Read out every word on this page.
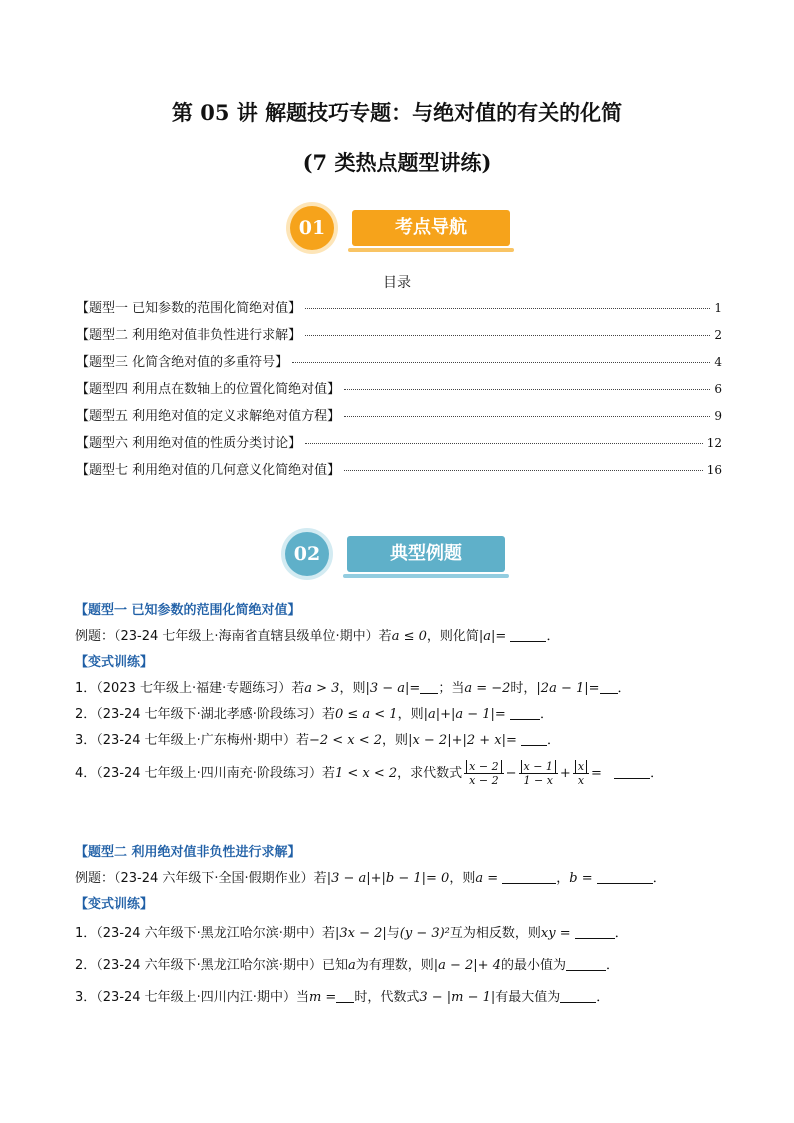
第 05 讲 解题技巧专题：与绝对值的有关的化简
(7 类热点题型讲练)
01	考点导航
目录
【题型一 已知参数的范围化简绝对值】	1
【题型二 利用绝对值非负性进行求解】	2
【题型三 化简含绝对值的多重符号】	4
【题型四 利用点在数轴上的位置化简绝对值】	6
【题型五 利用绝对值的定义求解绝对值方程】	9
【题型六 利用绝对值的性质分类讨论】	12
【题型七 利用绝对值的几何意义化简绝对值】	16
02	典型例题
【题型一 已知参数的范围化简绝对值】
例题：（23-24 七年级上·海南省直辖县级单位·期中）若a ≤ 0，则化简|a|=	．
【变式训练】
1．（2023 七年级上·福建·专题练习）若a > 3，则|3 − a|= ；当a = −2时，|2a − 1|= ．
2．（23-24 七年级下·湖北孝感·阶段练习）若0 ≤ a < 1，则|a|+|a − 1|=	．
3．（23-24 七年级上·广东梅州·期中）若−2 < x < 2，则|x − 2|+|2 + x|= ．
4．（23-24 七年级上·四川南充·阶段练习）若1 < x < 2，求代数式 $\frac{x - 2}{x - 2} - \frac{x - 1}{1 - x} + \frac{x}{x}$ =	．
【题型二 利用绝对值非负性进行求解】
例题：（23-24 六年级下·全国·假期作业）若|3 − a|+|b − 1|= 0，则a =	，b =	．
【变式训练】
1．（23-24 六年级下·黑龙江哈尔滨·期中）若|3x − 2|与(y − 3)²互为相反数，则xy =	．
2．（23-24 六年级下·黑龙江哈尔滨·期中）已知a为有理数，则|a − 2|+ 4的最小值为	．
3．（23-24 七年级上·四川内江·期中）当m = 时，代数式3 − |m − 1|有最大值为	．
